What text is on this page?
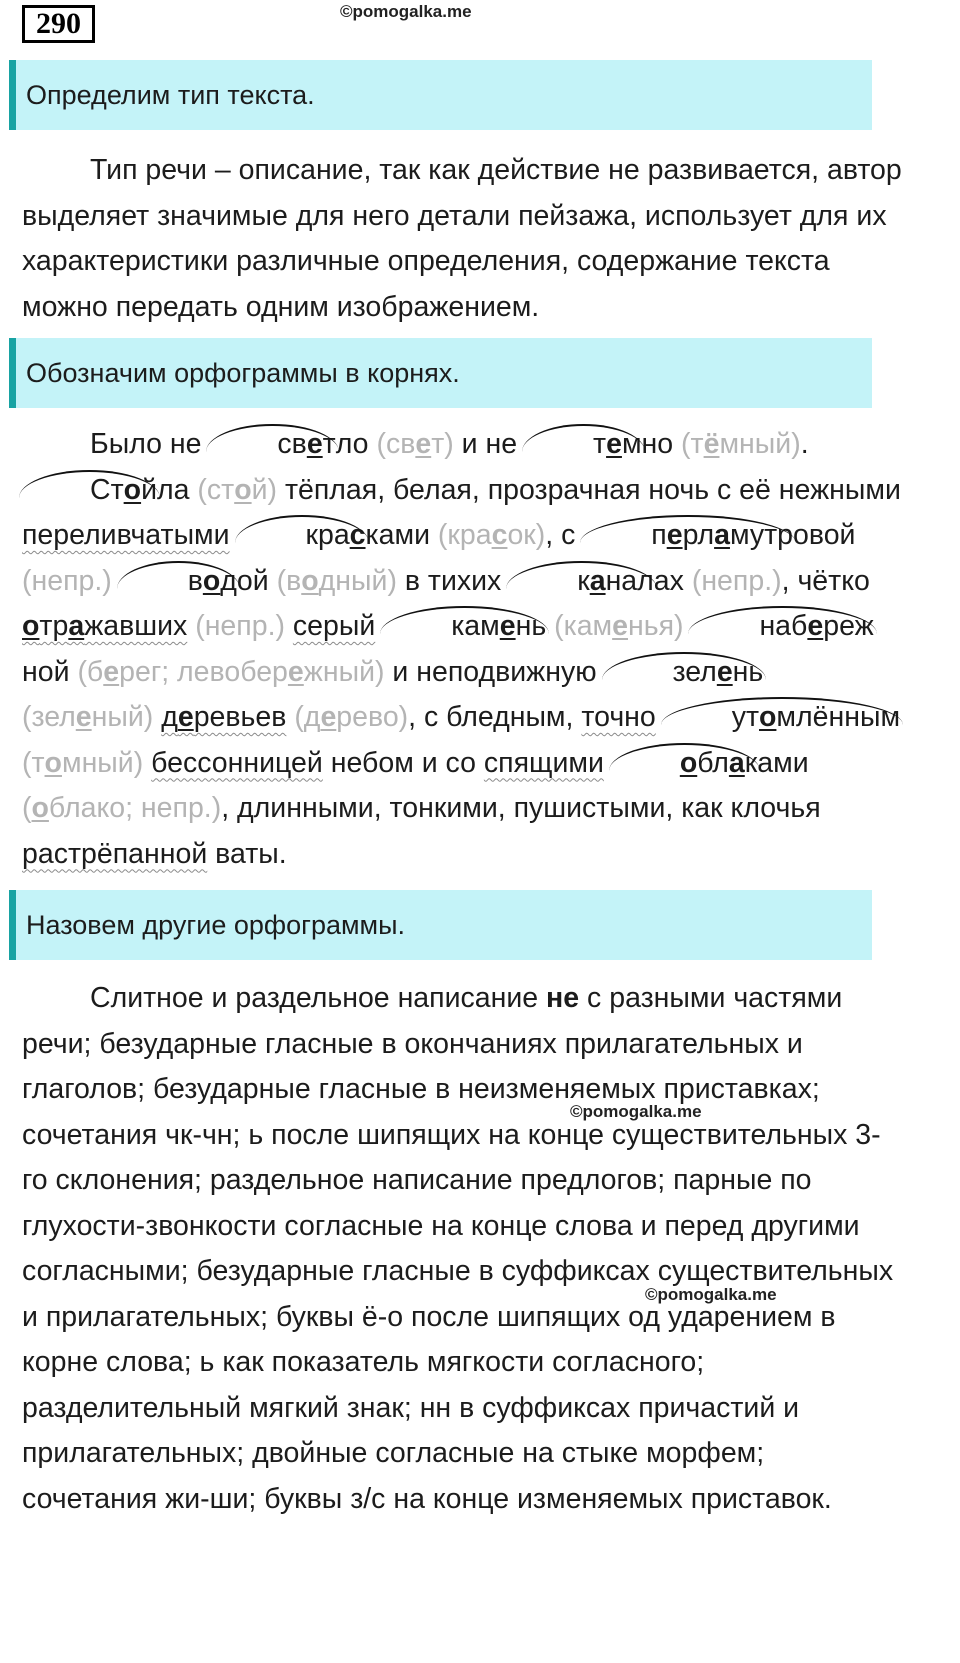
290	©pomogalka.me
Определим тип текста.

Тип речи – описание, так как действие не развивается, автор выделяет значимые для него детали пейзажа, использует для их характеристики различные определения, содержание текста можно передать одним изображением.

Обозначим орфограммы в корнях.

Было не светло (свет) и не темно (тёмный). Стойла (стой) тёплая, белая, прозрачная ночь с её нежными переливчатыми	красками (красок), с перламутровой (непр.)	водой (водный) в тихих каналах (непр.), чётко отражавших (непр.) серый	камень (каменья)	набережной (берег; левобережный) и неподвижную зелень (зеленый) деревьев (дерево), с бледным, точно	утомлённым (томный) бессонницей небом и со спящими	облаками (облако; непр.), длинными, тонкими, пушистыми, как клочья растрёпанной ваты.

Назовем другие орфограммы.

Слитное и раздельное написание не с разными частями речи; безударные гласные в окончаниях прилагательных и глаголов; безударные гласные в неизменяемых приставках; сочетания чк-чн; ь после шипящих на конце существительных 3-го склонения; раздельное написание предлогов; парные по глухости-звонкости согласные на конце слова и перед другими согласными; безударные гласные в суффиксах существительных и прилагательных; буквы ё-о после шипящих од ударением в корне слова; ь как показатель мягкости согласного; разделительный мягкий знак; нн в суффиксах причастий и прилагательных; двойные согласные на стыке морфем; сочетания жи-ши; буквы з/с на конце изменяемых приставок.

©pomogalka.me
©pomogalka.me
